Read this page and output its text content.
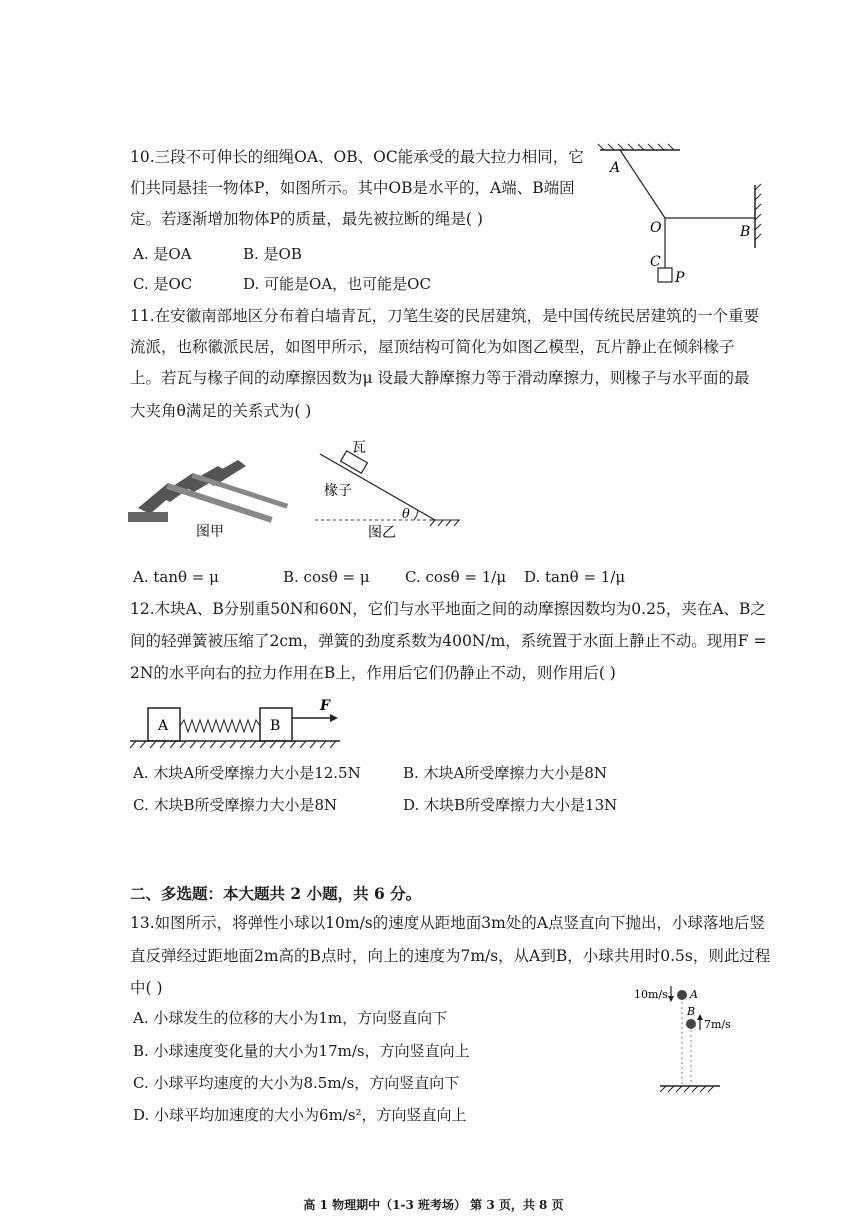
10.三段不可伸长的细绳OA、OB、OC能承受的最大拉力相同，它
们共同悬挂一物体P，如图所示。其中OB是水平的，A端、B端固
定。若逐渐增加物体P的质量，最先被拉断的绳是( )
A. 是OA	B. 是OB
C. 是OC	D. 可能是OA，也可能是OC
A
O	B
C
P
11.在安徽南部地区分布着白墙青瓦，刀笔生姿的民居建筑，是中国传统民居建筑的一个重要
流派，也称徽派民居，如图甲所示，屋顶结构可简化为如图乙模型，瓦片静止在倾斜椽子
上。若瓦与椽子间的动摩擦因数为μ 设最大静摩擦力等于滑动摩擦力，则椽子与水平面的最
大夹角θ满足的关系式为( )
图甲
瓦
椽子
θ
图乙
A. tanθ = μ	B. cosθ = μ C. cosθ = 1/μ D. tanθ = 1/μ
12.木块A、B分别重50N和60N，它们与水平地面之间的动摩擦因数均为0.25，夹在A、B之
间的轻弹簧被压缩了2cm，弹簧的劲度系数为400N/m，系统置于水面上静止不动。现用F =
2N的水平向右的拉力作用在B上，作用后它们仍静止不动，则作用后( )
A	B
F
A. 木块A所受摩擦力大小是12.5N	B. 木块A所受摩擦力大小是8N
C. 木块B所受摩擦力大小是8N	D. 木块B所受摩擦力大小是13N
二、多选题：本大题共 2 小题，共 6 分。
13.如图所示，将弹性小球以10m/s的速度从距地面3m处的A点竖直向下抛出，小球落地后竖
直反弹经过距地面2m高的B点时，向上的速度为7m/s，从A到B，小球共用时0.5s，则此过程
中( )
A. 小球发生的位移的大小为1m，方向竖直向下
B. 小球速度变化量的大小为17m/s，方向竖直向上
C. 小球平均速度的大小为8.5m/s，方向竖直向下
D. 小球平均加速度的大小为6m/s²，方向竖直向上
10m/s A
B
7m/s
高 1 物理期中（1-3 班考场） 第 3 页，共 8 页
